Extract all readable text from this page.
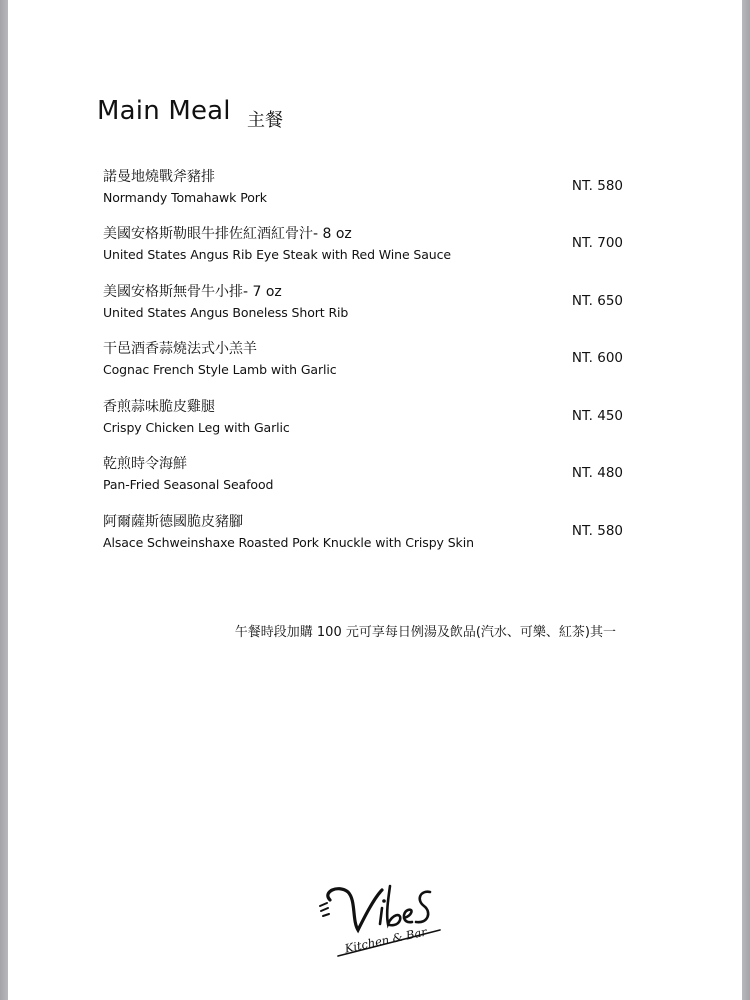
Main Meal 主餐
諾曼地燒戰斧豬排
Normandy Tomahawk Pork
NT. 580
美國安格斯勒眼牛排佐紅酒紅骨汁- 8 oz
United States Angus Rib Eye Steak with Red Wine Sauce
NT. 700
美國安格斯無骨牛小排- 7 oz
United States Angus Boneless Short Rib
NT. 650
干邑酒香蒜燒法式小羔羊
Cognac French Style Lamb with Garlic
NT. 600
香煎蒜味脆皮雞腿
Crispy Chicken Leg with Garlic
NT. 450
乾煎時令海鮮
Pan-Fried Seasonal Seafood
NT. 480
阿爾薩斯德國脆皮豬腳
Alsace Schweinshaxe Roasted Pork Knuckle with Crispy Skin
NT. 580
午餐時段加購 100 元可享每日例湯及飲品(汽水、可樂、紅茶)其一
Kitchen & Bar
